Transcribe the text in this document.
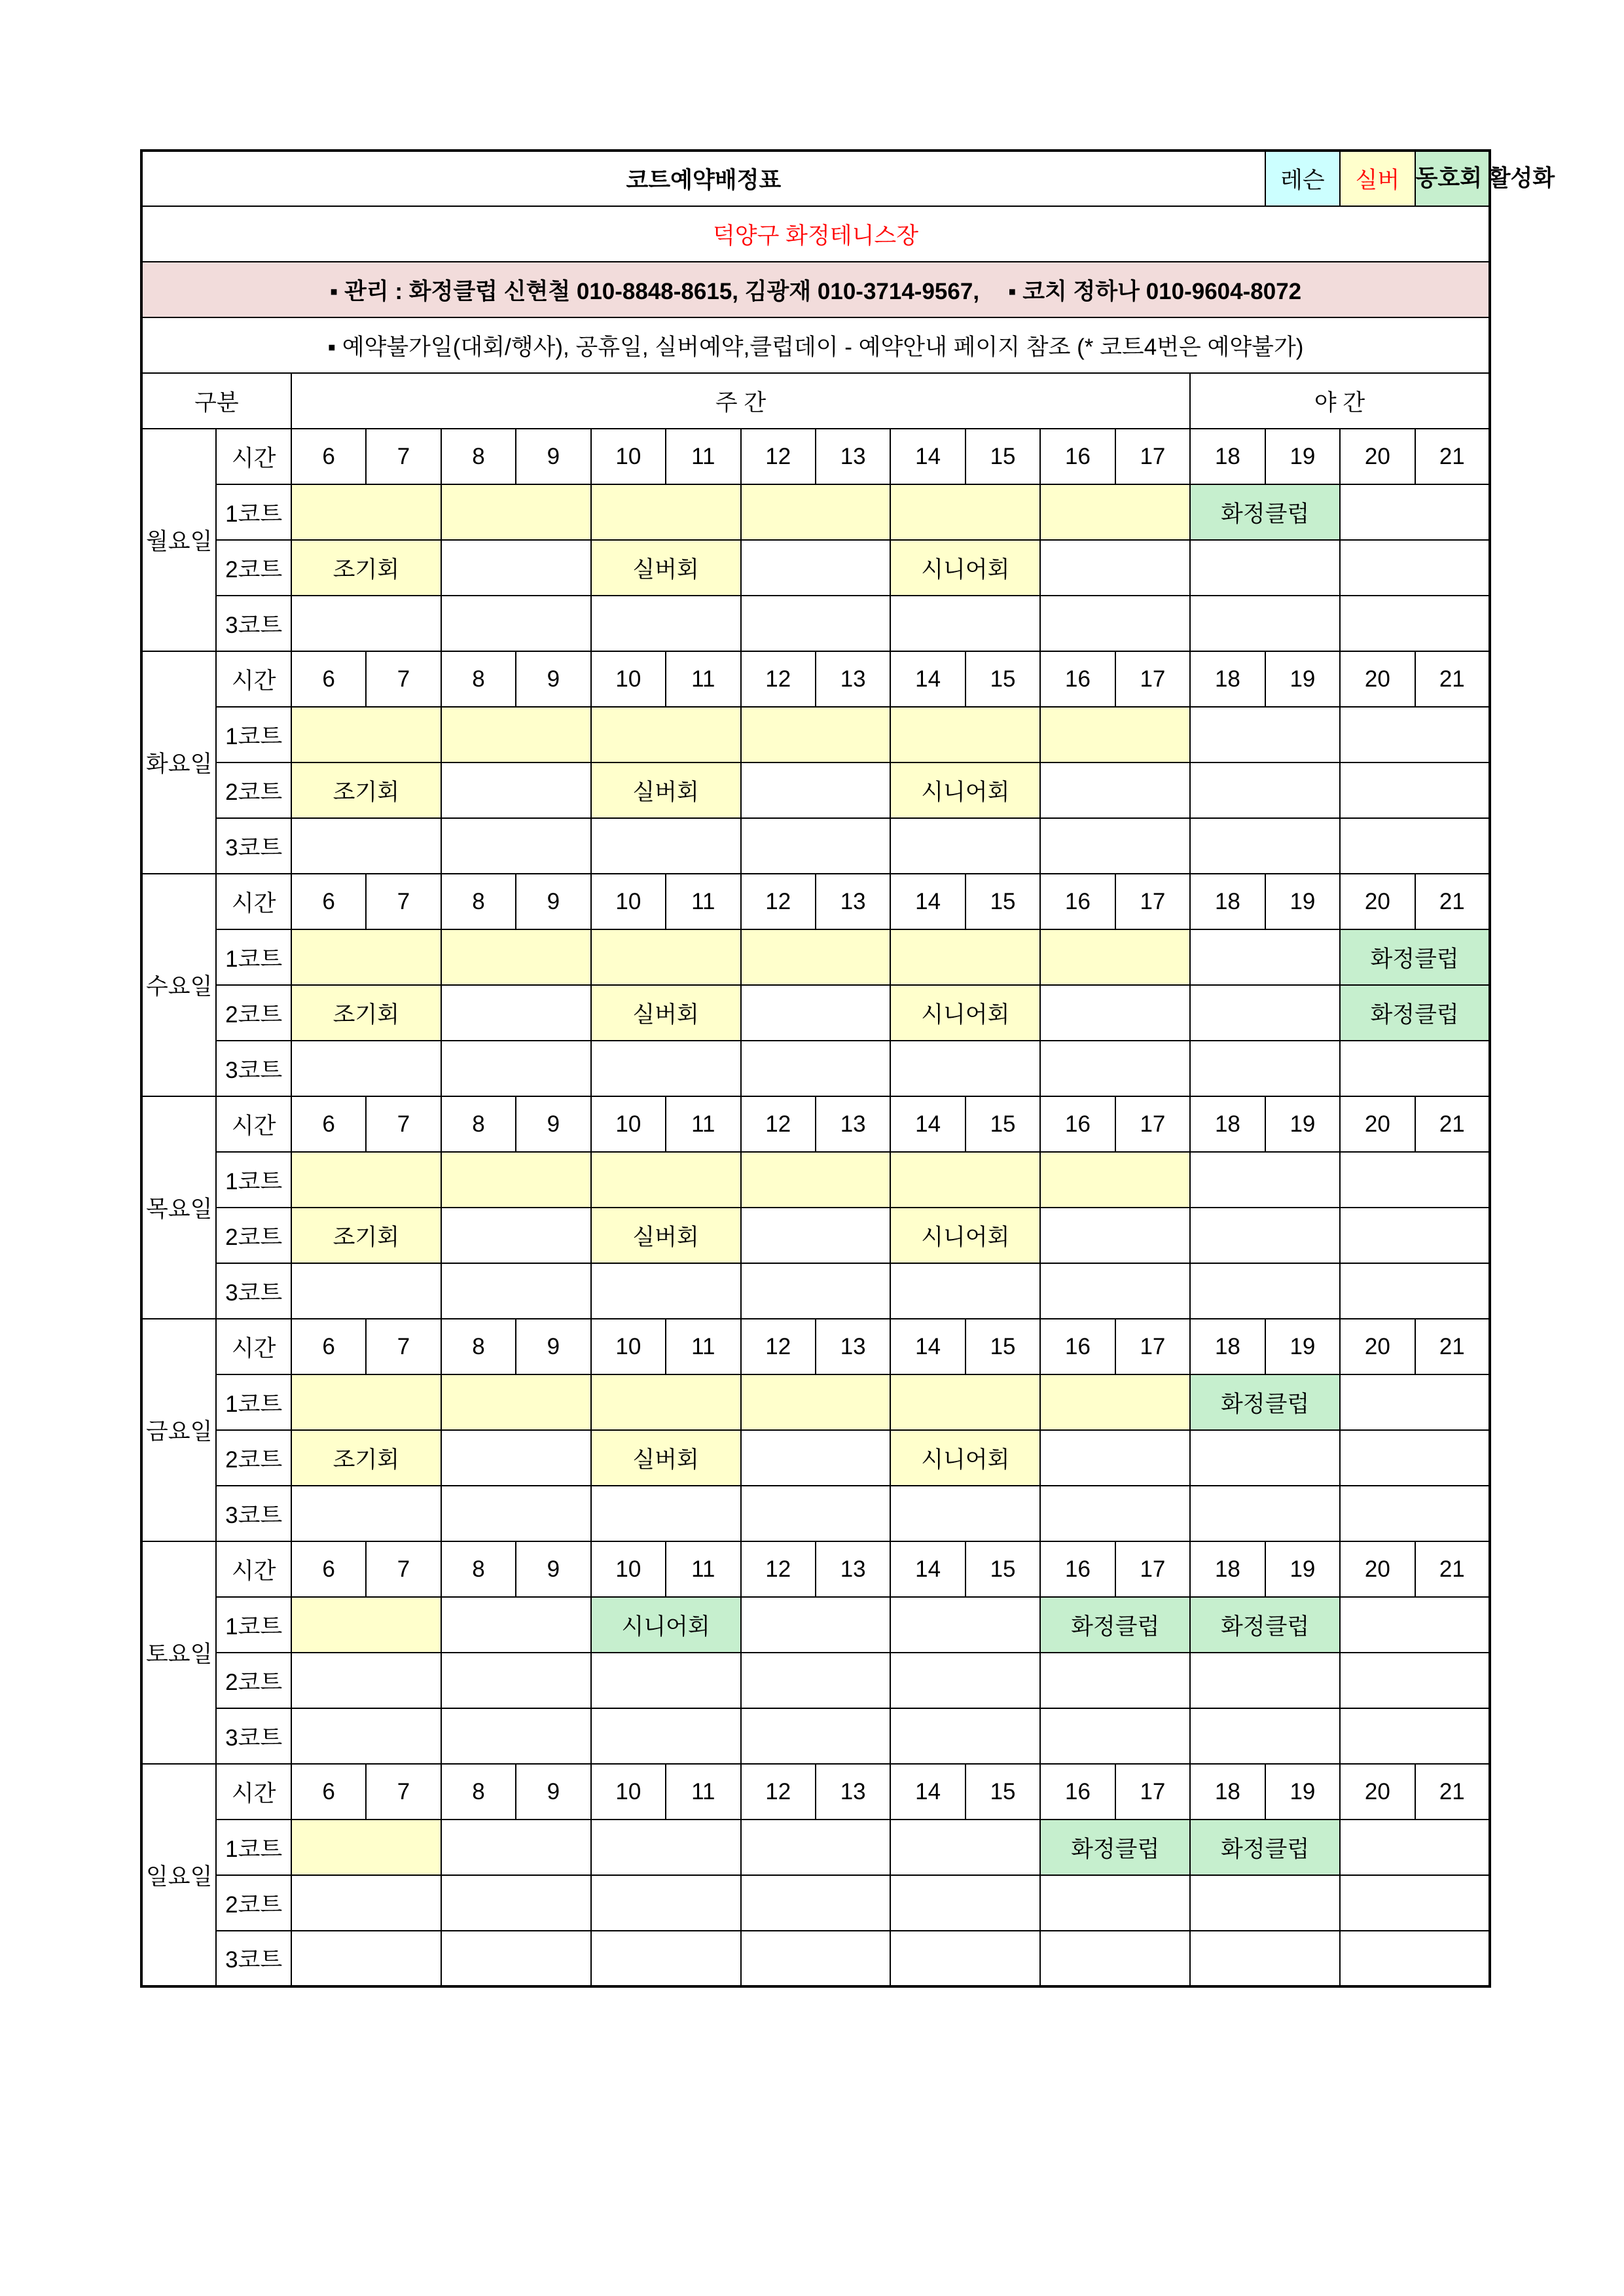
코트예약배정표															레슨	실버	동호회 활성화
덕양구 화정테니스장																	
▪ 관리 : 화정클럽 신현철 010-8848-8615, 김광재 010-3714-9567, ▪ 코치 정하나 010-9604-8072																	
▪ 예약불가일(대회/행사), 공휴일, 실버예약,클럽데이 - 예약안내 페이지 참조 (* 코트4번은 예약불가)																	
구분		주 간												야 간			
월요일	시간	6	7	8	9	10	11	12	13	14	15	16	17	18	19	20	21
	1코트													화정클럽			
	2코트	조기회				실버회				시니어회							
	3코트																
화요일	시간	6	7	8	9	10	11	12	13	14	15	16	17	18	19	20	21
	1코트																
	2코트	조기회				실버회				시니어회							
	3코트																
수요일	시간	6	7	8	9	10	11	12	13	14	15	16	17	18	19	20	21
	1코트															화정클럽	
	2코트	조기회				실버회				시니어회						화정클럽	
	3코트																
목요일	시간	6	7	8	9	10	11	12	13	14	15	16	17	18	19	20	21
	1코트																
	2코트	조기회				실버회				시니어회							
	3코트																
금요일	시간	6	7	8	9	10	11	12	13	14	15	16	17	18	19	20	21
	1코트													화정클럽			
	2코트	조기회				실버회				시니어회							
	3코트																
토요일	시간	6	7	8	9	10	11	12	13	14	15	16	17	18	19	20	21
	1코트					시니어회						화정클럽		화정클럽			
	2코트																
	3코트																
일요일	시간	6	7	8	9	10	11	12	13	14	15	16	17	18	19	20	21
	1코트											화정클럽		화정클럽			
	2코트																
	3코트																
